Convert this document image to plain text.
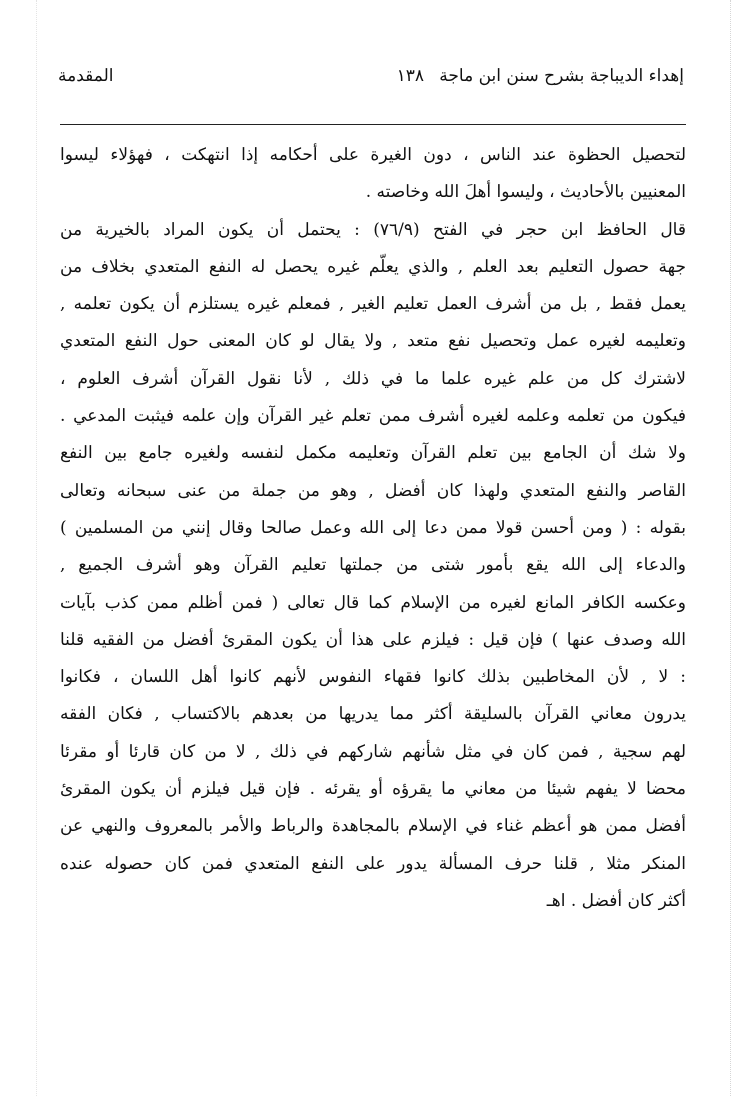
إهداء الديباجة بشرح سنن ابن ماجة
١٣٨
المقدمة
لتحصيل الحظوة عند الناس ، دون الغيرة على أحكامه إذا انتهكت ، فهؤلاء ليسوا
المعنيين بالأحاديث ، وليسوا أهلَ الله وخاصته .
قال الحافظ ابن حجر في الفتح (٧٦/٩) : يحتمل أن يكون المراد بالخيرية من
جهة حصول التعليم بعد العلم , والذي يعلّم غيره يحصل له النفع المتعدي بخلاف من
يعمل فقط , بل من أشرف العمل تعليم الغير , فمعلم غيره يستلزم أن يكون تعلمه ,
وتعليمه لغيره عمل وتحصيل نفع متعد , ولا يقال لو كان المعنى حول النفع المتعدي
لاشترك كل من علم غيره علما ما في ذلك , لأنا نقول القرآن أشرف العلوم ،
فيكون من تعلمه وعلمه لغيره أشرف ممن تعلم غير القرآن وإن علمه فيثبت المدعي .
ولا شك أن الجامع بين تعلم القرآن وتعليمه مكمل لنفسه ولغيره جامع بين النفع
القاصر والنفع المتعدي ولهذا كان أفضل , وهو من جملة من عنى سبحانه وتعالى
بقوله : ( ومن أحسن قولا ممن دعا إلى الله وعمل صالحا وقال إنني من المسلمين )
والدعاء إلى الله يقع بأمور شتى من جملتها تعليم القرآن وهو أشرف الجميع ,
وعكسه الكافر المانع لغيره من الإسلام كما قال تعالى ( فمن أظلم ممن كذب بآيات
الله وصدف عنها ) فإن قيل : فيلزم على هذا أن يكون المقرئ أفضل من الفقيه قلنا
: لا , لأن المخاطبين بذلك كانوا فقهاء النفوس لأنهم كانوا أهل اللسان ، فكانوا
يدرون معاني القرآن بالسليقة أكثر مما يدريها من بعدهم بالاكتساب , فكان الفقه
لهم سجية , فمن كان في مثل شأنهم شاركهم في ذلك , لا من كان قارئا أو مقرئا
محضا لا يفهم شيئا من معاني ما يقرؤه أو يقرئه . فإن قيل فيلزم أن يكون المقرئ
أفضل ممن هو أعظم غناء في الإسلام بالمجاهدة والرباط والأمر بالمعروف والنهي عن
المنكر مثلا , قلنا حرف المسألة يدور على النفع المتعدي فمن كان حصوله عنده
أكثر كان أفضل . اهـ
